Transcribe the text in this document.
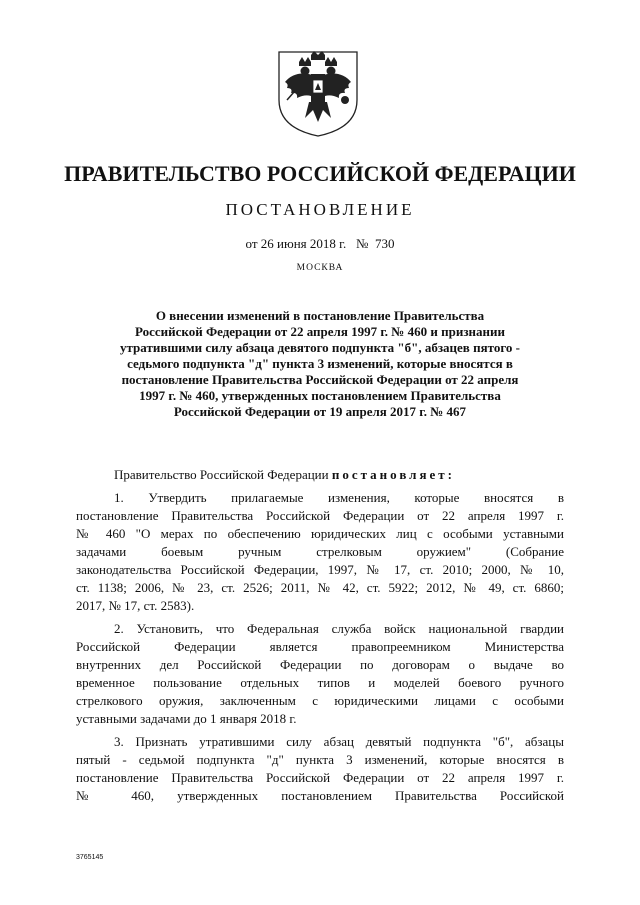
ПРАВИТЕЛЬСТВО РОССИЙСКОЙ ФЕДЕРАЦИИ
ПОСТАНОВЛЕНИЕ
от 26 июня 2018 г. № 730
МОСКВА
О внесении изменений в постановление Правительства
Российской Федерации от 22 апреля 1997 г. № 460 и признании
утратившими силу абзаца девятого подпункта "б", абзацев пятого -
седьмого подпункта "д" пункта 3 изменений, которые вносятся в
постановление Правительства Российской Федерации от 22 апреля
1997 г. № 460, утвержденных постановлением Правительства
Российской Федерации от 19 апреля 2017 г. № 467

Правительство Российской Федерации постановляет:

1. Утвердить прилагаемые изменения, которые вносятся в
постановление Правительства Российской Федерации от 22 апреля 1997 г.
№ 460 "О мерах по обеспечению юридических лиц с особыми уставными
задачами боевым ручным стрелковым оружием" (Собрание
законодательства Российской Федерации, 1997, № 17, ст. 2010; 2000, № 10,
ст. 1138; 2006, № 23, ст. 2526; 2011, № 42, ст. 5922; 2012, № 49, ст. 6860;
2017, № 17, ст. 2583).

2. Установить, что Федеральная служба войск национальной гвардии
Российской Федерации является правопреемником Министерства
внутренних дел Российской Федерации по договорам о выдаче во
временное пользование отдельных типов и моделей боевого ручного
стрелкового оружия, заключенным с юридическими лицами с особыми
уставными задачами до 1 января 2018 г.

3. Признать утратившими силу абзац девятый подпункта "б", абзацы
пятый - седьмой подпункта "д" пункта 3 изменений, которые вносятся в
постановление Правительства Российской Федерации от 22 апреля 1997 г.
№ 460, утвержденных постановлением Правительства Российской

3765145
